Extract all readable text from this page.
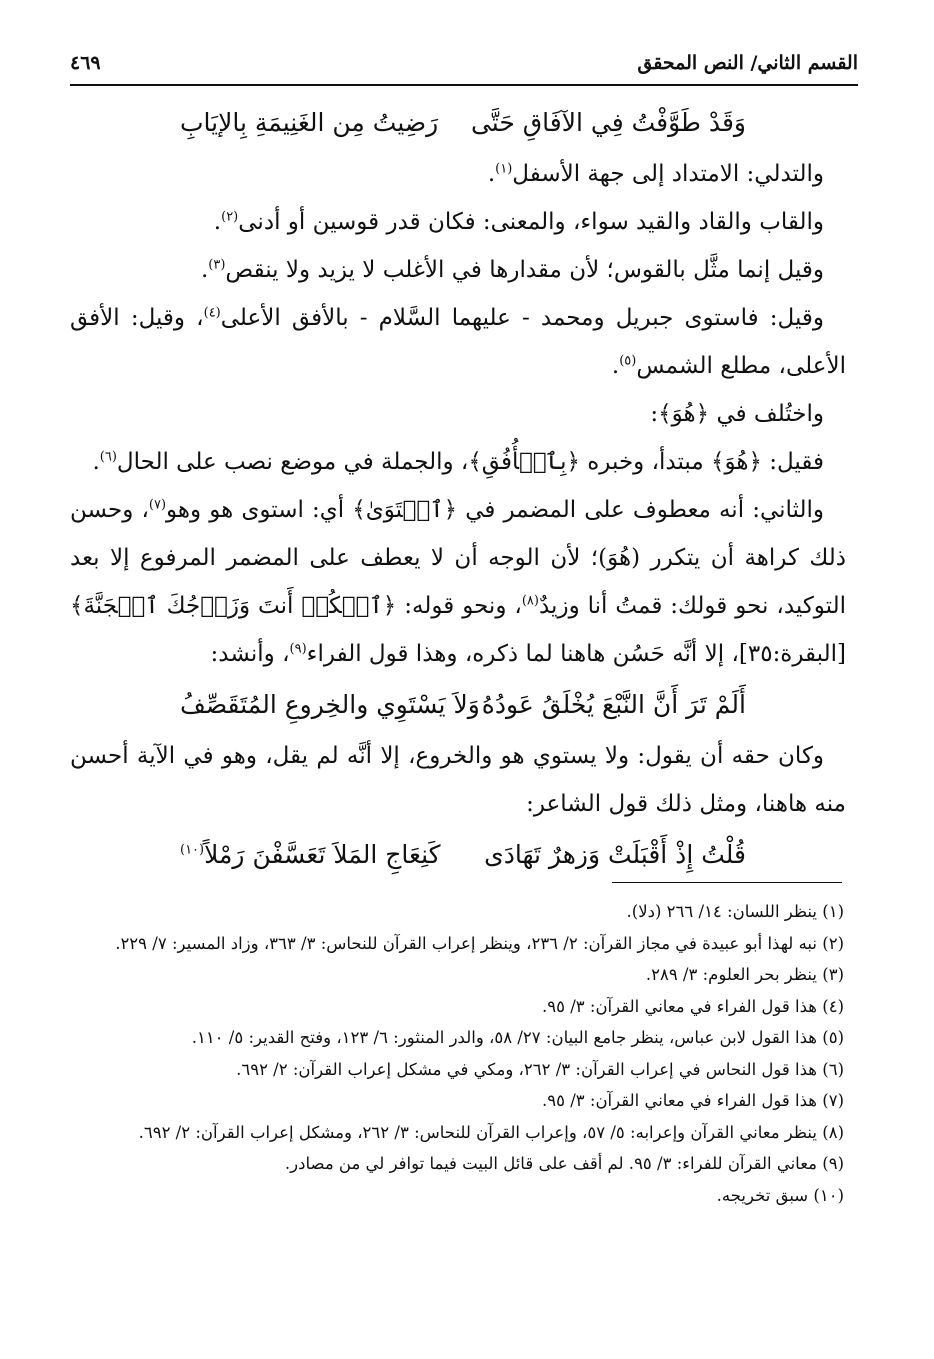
القسم الثاني/ النص المحقق
٤٦٩
وَقَدْ طَوَّفْتُ فِي الآفَاقِ حَتَّى
رَضِيتُ مِن الغَنِيمَةِ بِالإيَابِ

والتدلي: الامتداد إلى جهة الأسفل$^{(١)}$.

والقاب والقاد والقيد سواء، والمعنى: فكان قدر قوسين أو أدنى$^{(٢)}$.

وقيل إنما مثَّل بالقوس؛ لأن مقدارها في الأغلب لا يزيد ولا ينقص$^{(٣)}$.

وقيل: فاستوى جبريل ومحمد - عليهما السَّلام - بالأفق الأعلى$^{(٤)}$، وقيل: الأفق الأعلى، مطلع الشمس$^{(٥)}$.

واختُلف في ﴿هُوَ﴾:

فقيل: ﴿هُوَ﴾ مبتدأ، وخبره ﴿بِٱلۡأُفُقِ﴾، والجملة في موضع نصب على الحال$^{(٦)}$.

والثاني: أنه معطوف على المضمر في ﴿ٱسۡتَوَىٰ﴾ أي: استوى هو وهو$^{(٧)}$، وحسن ذلك كراهة أن يتكرر (هُوَ)؛ لأن الوجه أن لا يعطف على المضمر المرفوع إلا بعد التوكيد، نحو قولك: قمتُ أنا وزيدٌ$^{(٨)}$، ونحو قوله: ﴿ٱسۡكُنۡ أَنتَ وَزَوۡجُكَ ٱلۡجَنَّةَ﴾ [البقرة:٣٥]، إلا أنَّه حَسُن هاهنا لما ذكره، وهذا قول الفراء$^{(٩)}$، وأنشد:

أَلَمْ تَرَ أَنَّ النَّبْعَ يُخْلَقُ عَودُهُ
وَلاَ يَسْتَوِي والخِروعِ المُتَقَصِّفُ

وكان حقه أن يقول: ولا يستوي هو والخروع، إلا أنَّه لم يقل، وهو في الآية أحسن منه هاهنا، ومثل ذلك قول الشاعر:

قُلْتُ إِذْ أَقْبَلَتْ وَزهرٌ تَهَادَى
كَنِعَاجِ المَلاَ تَعَسَّفْنَ رَمْلاً$^{(١٠)}$
(١) ينظر اللسان: ١٤/ ٢٦٦ (دلا).
(٢) نبه لهذا أبو عبيدة في مجاز القرآن: ٢/ ٢٣٦، وينظر إعراب القرآن للنحاس: ٣/ ٣٦٣، وزاد المسير: ٧/ ٢٢٩.
(٣) ينظر بحر العلوم: ٣/ ٢٨٩.
(٤) هذا قول الفراء في معاني القرآن: ٣/ ٩٥.
(٥) هذا القول لابن عباس، ينظر جامع البيان: ٢٧/ ٥٨، والدر المنثور: ٦/ ١٢٣، وفتح القدير: ٥/ ١١٠.
(٦) هذا قول النحاس في إعراب القرآن: ٣/ ٢٦٢، ومكي في مشكل إعراب القرآن: ٢/ ٦٩٢.
(٧) هذا قول الفراء في معاني القرآن: ٣/ ٩٥.
(٨) ينظر معاني القرآن وإعرابه: ٥/ ٥٧، وإعراب القرآن للنحاس: ٣/ ٢٦٢، ومشكل إعراب القرآن: ٢/ ٦٩٢.
(٩) معاني القرآن للفراء: ٣/ ٩٥. لم أقف على قائل البيت فيما توافر لي من مصادر.
(١٠) سبق تخريجه.
